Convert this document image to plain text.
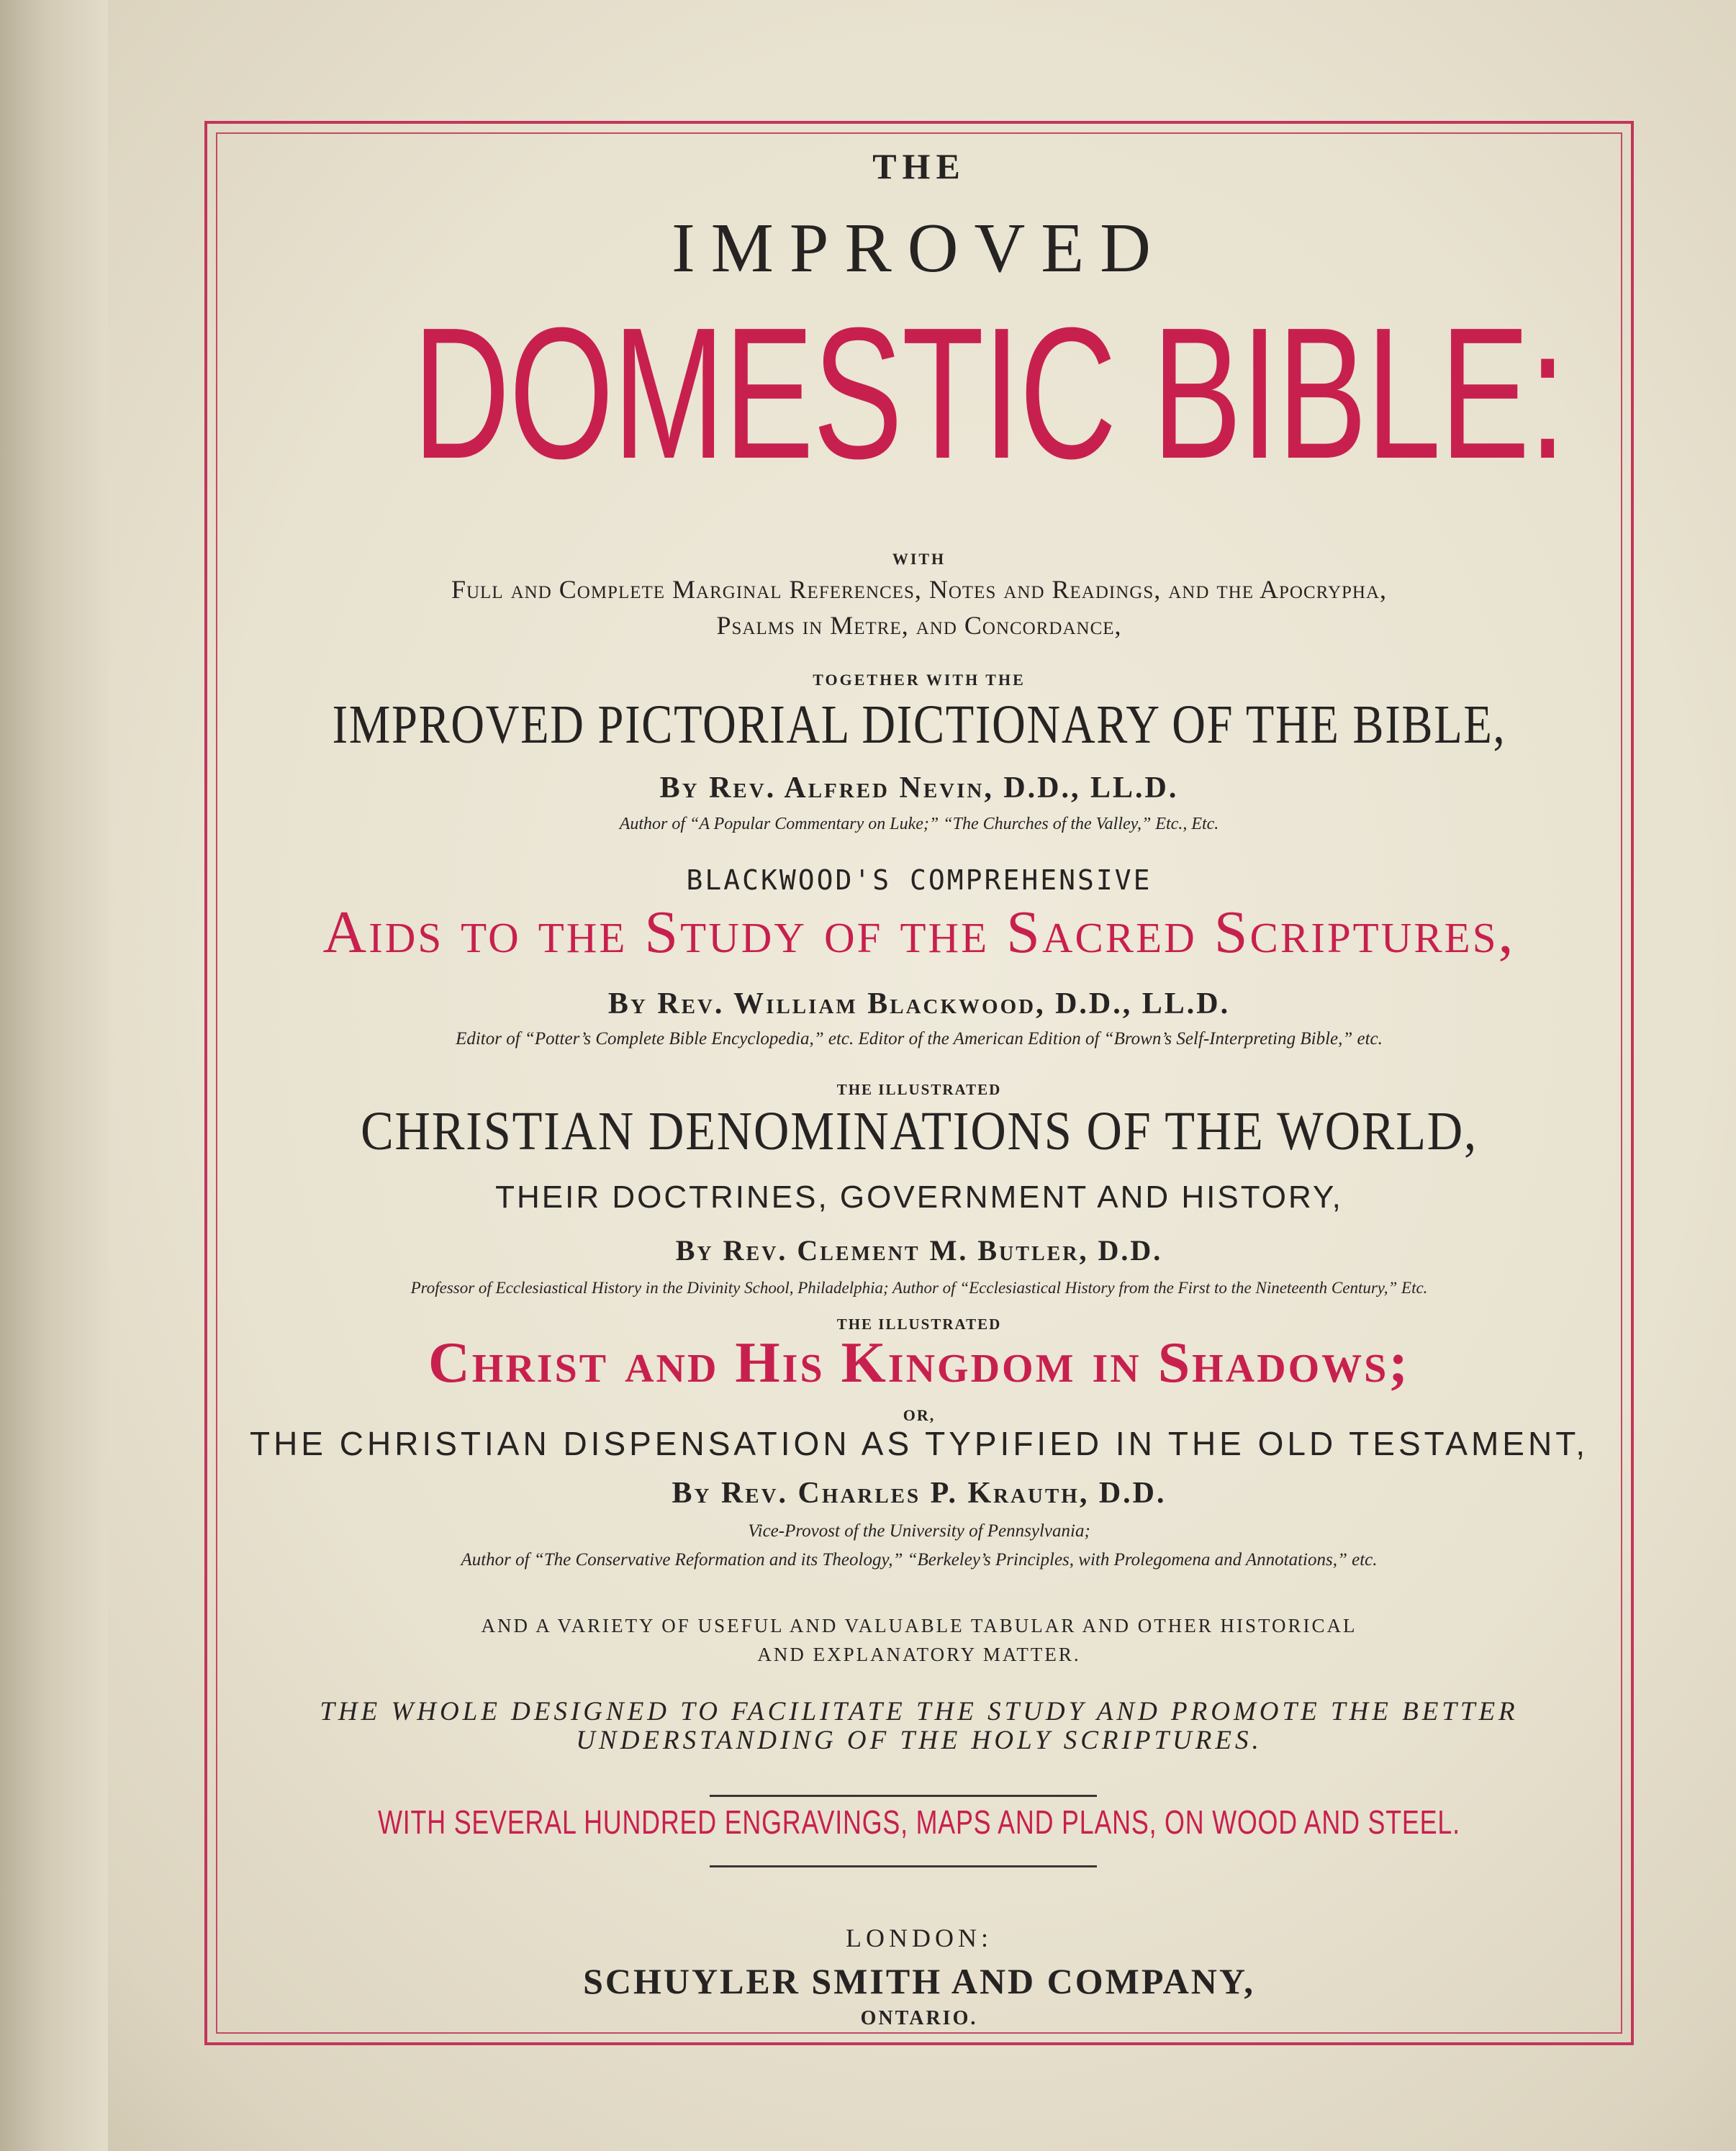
THE

IMPROVED

DOMESTIC BIBLE:

WITH

Full and Complete Marginal References, Notes and Readings, and the Apocrypha,

Psalms in Metre, and Concordance,

TOGETHER WITH THE

IMPROVED PICTORIAL DICTIONARY OF THE BIBLE,

By Rev. Alfred Nevin, D.D., LL.D.

Author of “A Popular Commentary on Luke;” “The Churches of the Valley,” Etc., Etc.

BLACKWOOD'S COMPREHENSIVE

Aids to the Study of the Sacred Scriptures,

By Rev. William Blackwood, D.D., LL.D.

Editor of “Potter’s Complete Bible Encyclopedia,” etc. Editor of the American Edition of “Brown’s Self-Interpreting Bible,” etc.

THE ILLUSTRATED

CHRISTIAN DENOMINATIONS OF THE WORLD,

THEIR DOCTRINES, GOVERNMENT AND HISTORY,

By Rev. Clement M. Butler, D.D.

Professor of Ecclesiastical History in the Divinity School, Philadelphia; Author of “Ecclesiastical History from the First to the Nineteenth Century,” Etc.

THE ILLUSTRATED

Christ and His Kingdom in Shadows;

OR,

THE CHRISTIAN DISPENSATION AS TYPIFIED IN THE OLD TESTAMENT,

By Rev. Charles P. Krauth, D.D.

Vice-Provost of the University of Pennsylvania;

Author of “The Conservative Reformation and its Theology,” “Berkeley’s Principles, with Prolegomena and Annotations,” etc.

AND A VARIETY OF USEFUL AND VALUABLE TABULAR AND OTHER HISTORICAL

AND EXPLANATORY MATTER.

THE WHOLE DESIGNED TO FACILITATE THE STUDY AND PROMOTE THE BETTER

UNDERSTANDING OF THE HOLY SCRIPTURES.

WITH SEVERAL HUNDRED ENGRAVINGS, MAPS AND PLANS, ON WOOD AND STEEL.

LONDON:

SCHUYLER SMITH AND COMPANY,

ONTARIO.
